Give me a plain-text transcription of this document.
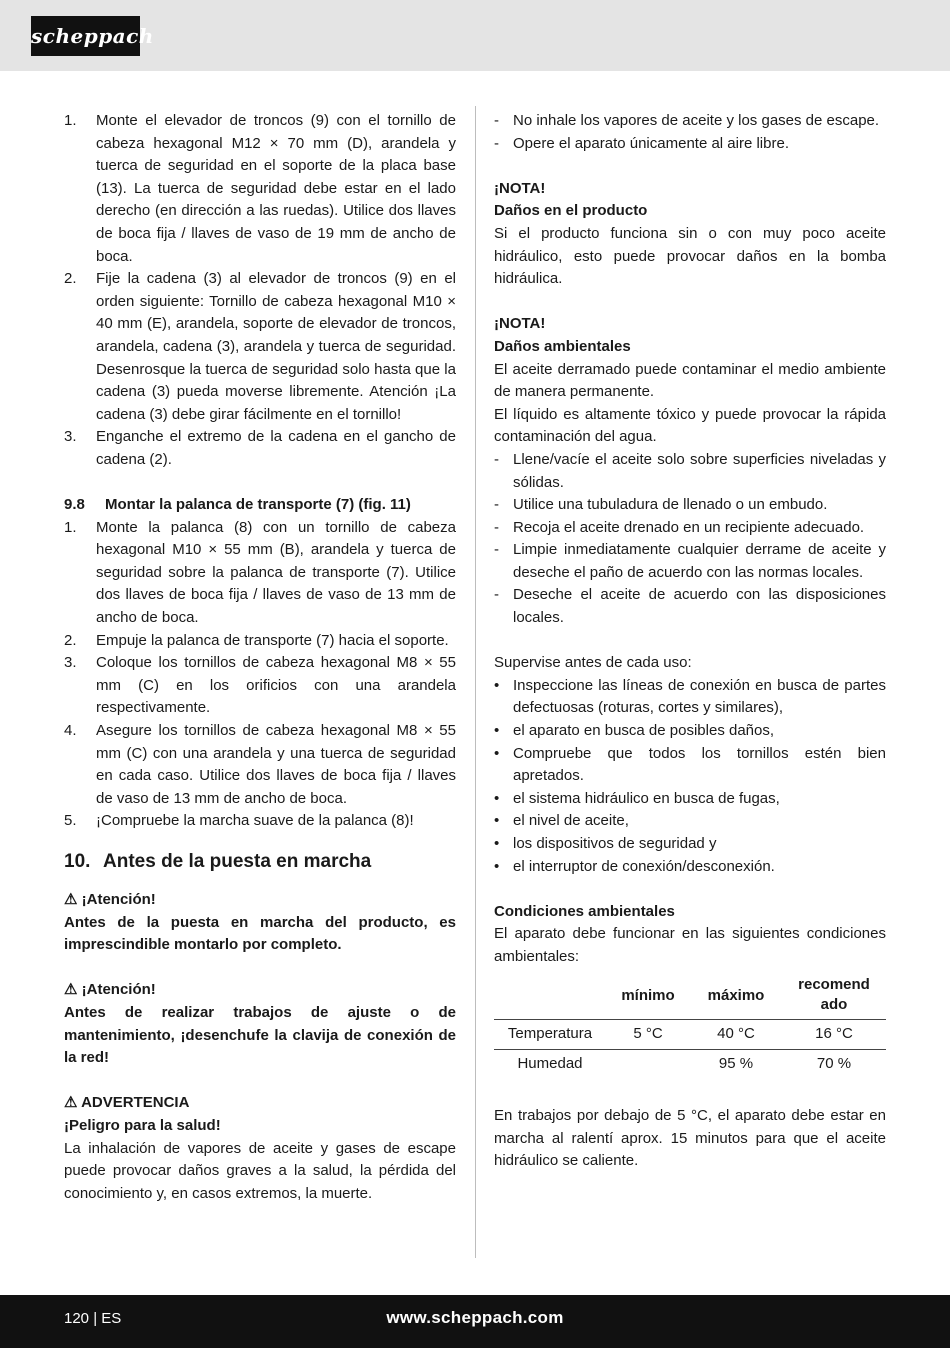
scheppach
1.	Monte el elevador de troncos (9) con el tornillo de cabeza hexagonal M12 × 70 mm (D), arandela y tuerca de seguridad en el soporte de la placa base (13). La tuerca de seguridad debe estar en el lado derecho (en dirección a las ruedas). Utilice dos llaves de boca fija / llaves de vaso de 19 mm de ancho de boca.
2.	Fije la cadena (3) al elevador de troncos (9) en el orden siguiente: Tornillo de cabeza hexagonal M10 × 40 mm (E), arandela, soporte de elevador de troncos, arandela, cadena (3), arandela y tuerca de seguridad. Desenrosque la tuerca de seguridad solo hasta que la cadena (3) pueda moverse libremente. Atención ¡La cadena (3) debe girar fácilmente en el tornillo!
3.	Enganche el extremo de la cadena en el gancho de cadena (2).
9.8	Montar la palanca de transporte (7) (fig. 11)
1.	Monte la palanca (8) con un tornillo de cabeza hexagonal M10 × 55 mm (B), arandela y tuerca de seguridad sobre la palanca de transporte (7). Utilice dos llaves de boca fija / llaves de vaso de 13 mm de ancho de boca.
2.	Empuje la palanca de transporte (7) hacia el soporte.
3.	Coloque los tornillos de cabeza hexagonal M8 × 55 mm (C) en los orificios con una arandela respectivamente.
4.	Asegure los tornillos de cabeza hexagonal M8 × 55 mm (C) con una arandela y una tuerca de seguridad en cada caso. Utilice dos llaves de boca fija / llaves de vaso de 13 mm de ancho de boca.
5.	¡Compruebe la marcha suave de la palanca (8)!
10. Antes de la puesta en marcha
⚠ ¡Atención!
Antes de la puesta en marcha del producto, es imprescindible montarlo por completo.
⚠ ¡Atención!
Antes de realizar trabajos de ajuste o de mantenimiento, ¡desenchufe la clavija de conexión de la red!
⚠ ADVERTENCIA
¡Peligro para la salud!
La inhalación de vapores de aceite y gases de escape puede provocar daños graves a la salud, la pérdida del conocimiento y, en casos extremos, la muerte.
- No inhale los vapores de aceite y los gases de escape.
- Opere el aparato únicamente al aire libre.
¡NOTA!
Daños en el producto
Si el producto funciona sin o con muy poco aceite hidráulico, esto puede provocar daños en la bomba hidráulica.
¡NOTA!
Daños ambientales
El aceite derramado puede contaminar el medio ambiente de manera permanente.
El líquido es altamente tóxico y puede provocar la rápida contaminación del agua.
- Llene/vacíe el aceite solo sobre superficies niveladas y sólidas.
- Utilice una tubuladura de llenado o un embudo.
- Recoja el aceite drenado en un recipiente adecuado.
- Limpie inmediatamente cualquier derrame de aceite y deseche el paño de acuerdo con las normas locales.
- Deseche el aceite de acuerdo con las disposiciones locales.
Supervise antes de cada uso:
• Inspeccione las líneas de conexión en busca de partes defectuosas (roturas, cortes y similares),
• el aparato en busca de posibles daños,
• Compruebe que todos los tornillos estén bien apretados.
• el sistema hidráulico en busca de fugas,
• el nivel de aceite,
• los dispositivos de seguridad y
• el interruptor de conexión/desconexión.
Condiciones ambientales
El aparato debe funcionar en las siguientes condiciones ambientales:
	mínimo	máximo	recomendado

Temperatura	5 °C	40 °C	16 °C
Humedad		95 %	70 %
En trabajos por debajo de 5 °C, el aparato debe estar en marcha al ralentí aprox. 15 minutos para que el aceite hidráulico se caliente.
120 | ES	www.scheppach.com
